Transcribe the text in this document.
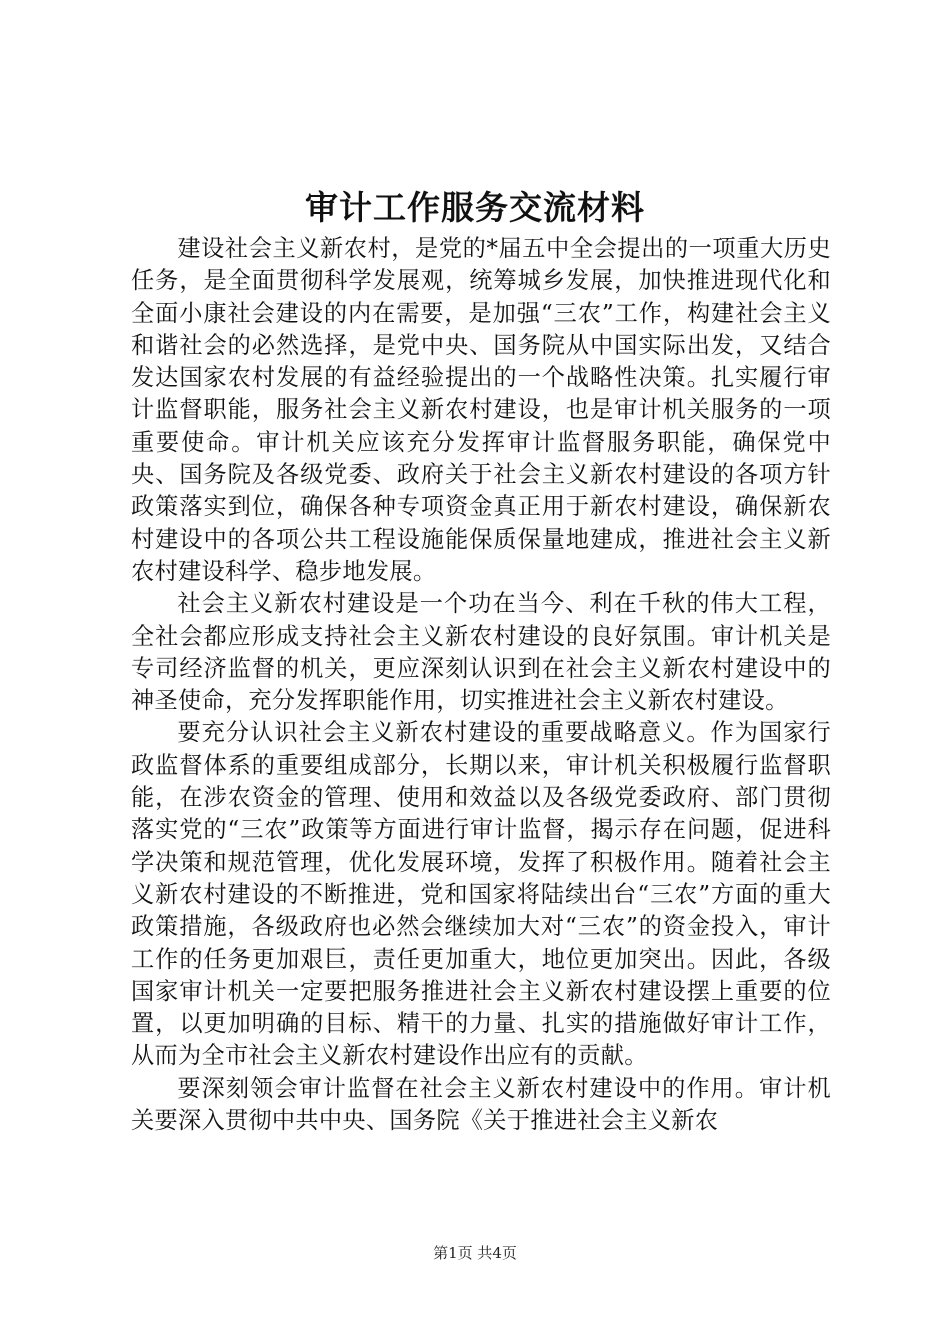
审计工作服务交流材料

建设社会主义新农村，是党的*届五中全会提出的一项重大历史任务，是全面贯彻科学发展观，统筹城乡发展，加快推进现代化和全面小康社会建设的内在需要，是加强“三农”工作，构建社会主义和谐社会的必然选择，是党中央、国务院从中国实际出发，又结合发达国家农村发展的有益经验提出的一个战略性决策。扎实履行审计监督职能，服务社会主义新农村建设，也是审计机关服务的一项重要使命。审计机关应该充分发挥审计监督服务职能，确保党中央、国务院及各级党委、政府关于社会主义新农村建设的各项方针政策落实到位，确保各种专项资金真正用于新农村建设，确保新农村建设中的各项公共工程设施能保质保量地建成，推进社会主义新农村建设科学、稳步地发展。

社会主义新农村建设是一个功在当今、利在千秋的伟大工程，全社会都应形成支持社会主义新农村建设的良好氛围。审计机关是专司经济监督的机关，更应深刻认识到在社会主义新农村建设中的神圣使命，充分发挥职能作用，切实推进社会主义新农村建设。

要充分认识社会主义新农村建设的重要战略意义。作为国家行政监督体系的重要组成部分，长期以来，审计机关积极履行监督职能，在涉农资金的管理、使用和效益以及各级党委政府、部门贯彻落实党的“三农”政策等方面进行审计监督，揭示存在问题，促进科学决策和规范管理，优化发展环境，发挥了积极作用。随着社会主义新农村建设的不断推进，党和国家将陆续出台“三农”方面的重大政策措施，各级政府也必然会继续加大对“三农”的资金投入，审计工作的任务更加艰巨，责任更加重大，地位更加突出。因此，各级国家审计机关一定要把服务推进社会主义新农村建设摆上重要的位置，以更加明确的目标、精干的力量、扎实的措施做好审计工作，从而为全市社会主义新农村建设作出应有的贡献。

要深刻领会审计监督在社会主义新农村建设中的作用。审计机关要深入贯彻中共中央、国务院《关于推进社会主义新农

第1页 共4页
